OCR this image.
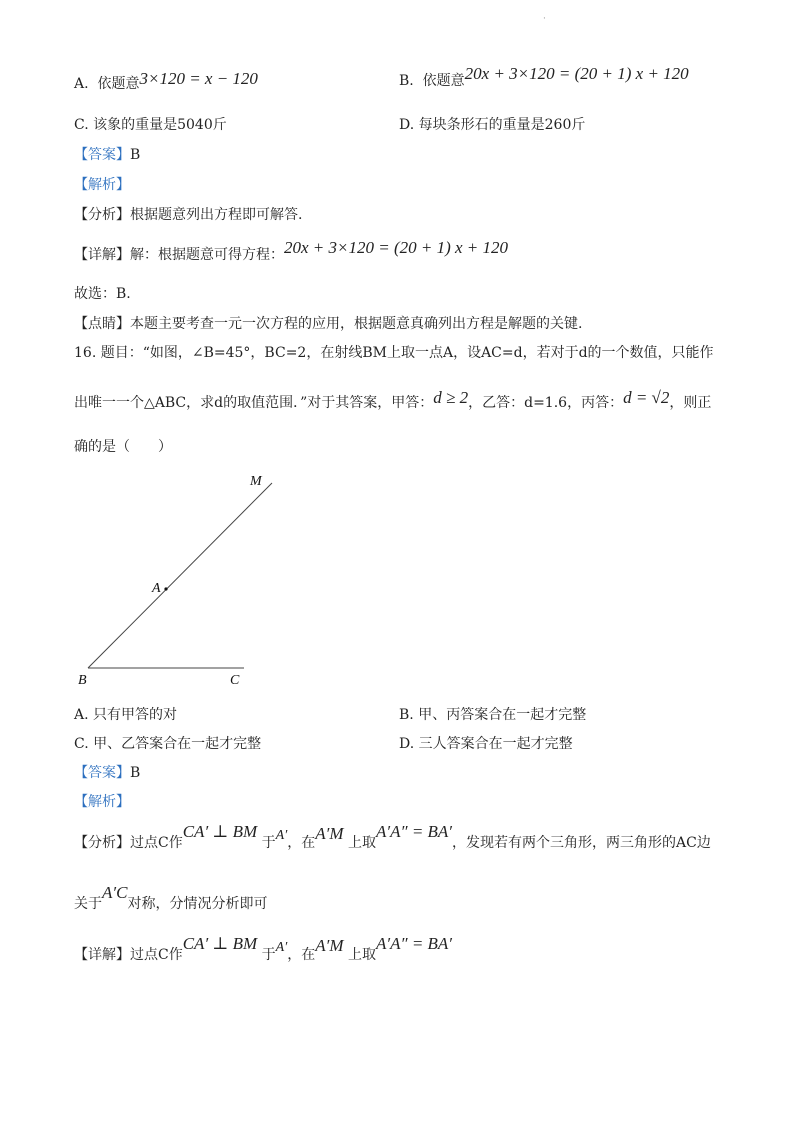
·
A. 依题意3×120 = x − 120	B. 依题意20x + 3×120 = (20 + 1) x + 120
C. 该象的重量是5040斤	D. 每块条形石的重量是260斤
【答案】B
【解析】
【分析】根据题意列出方程即可解答.
【详解】解：根据题意可得方程：20x + 3×120 = (20 + 1) x + 120
故选：B.
【点睛】本题主要考查一元一次方程的应用，根据题意真确列出方程是解题的关键.
16. 题目：“如图，∠B=45°，BC=2，在射线BM上取一点A，设AC=d，若对于d的一个数值，只能作
出唯一一个△ABC，求d的取值范围．”对于其答案，甲答：d ≥ 2，乙答：d=1.6，丙答：d = √2，则正
确的是（　　）
M
A
B	C
A. 只有甲答的对	B. 甲、丙答案合在一起才完整
C. 甲、乙答案合在一起才完整	D. 三人答案合在一起才完整
【答案】B
【解析】
【分析】过点C作CA′ ⊥ BM 于A′，在A′M 上取A′A″ = BA′，发现若有两个三角形，两三角形的AC边
关于A′C对称，分情况分析即可
【详解】过点C作CA′ ⊥ BM 于A′，在A′M 上取A′A″ = BA′
